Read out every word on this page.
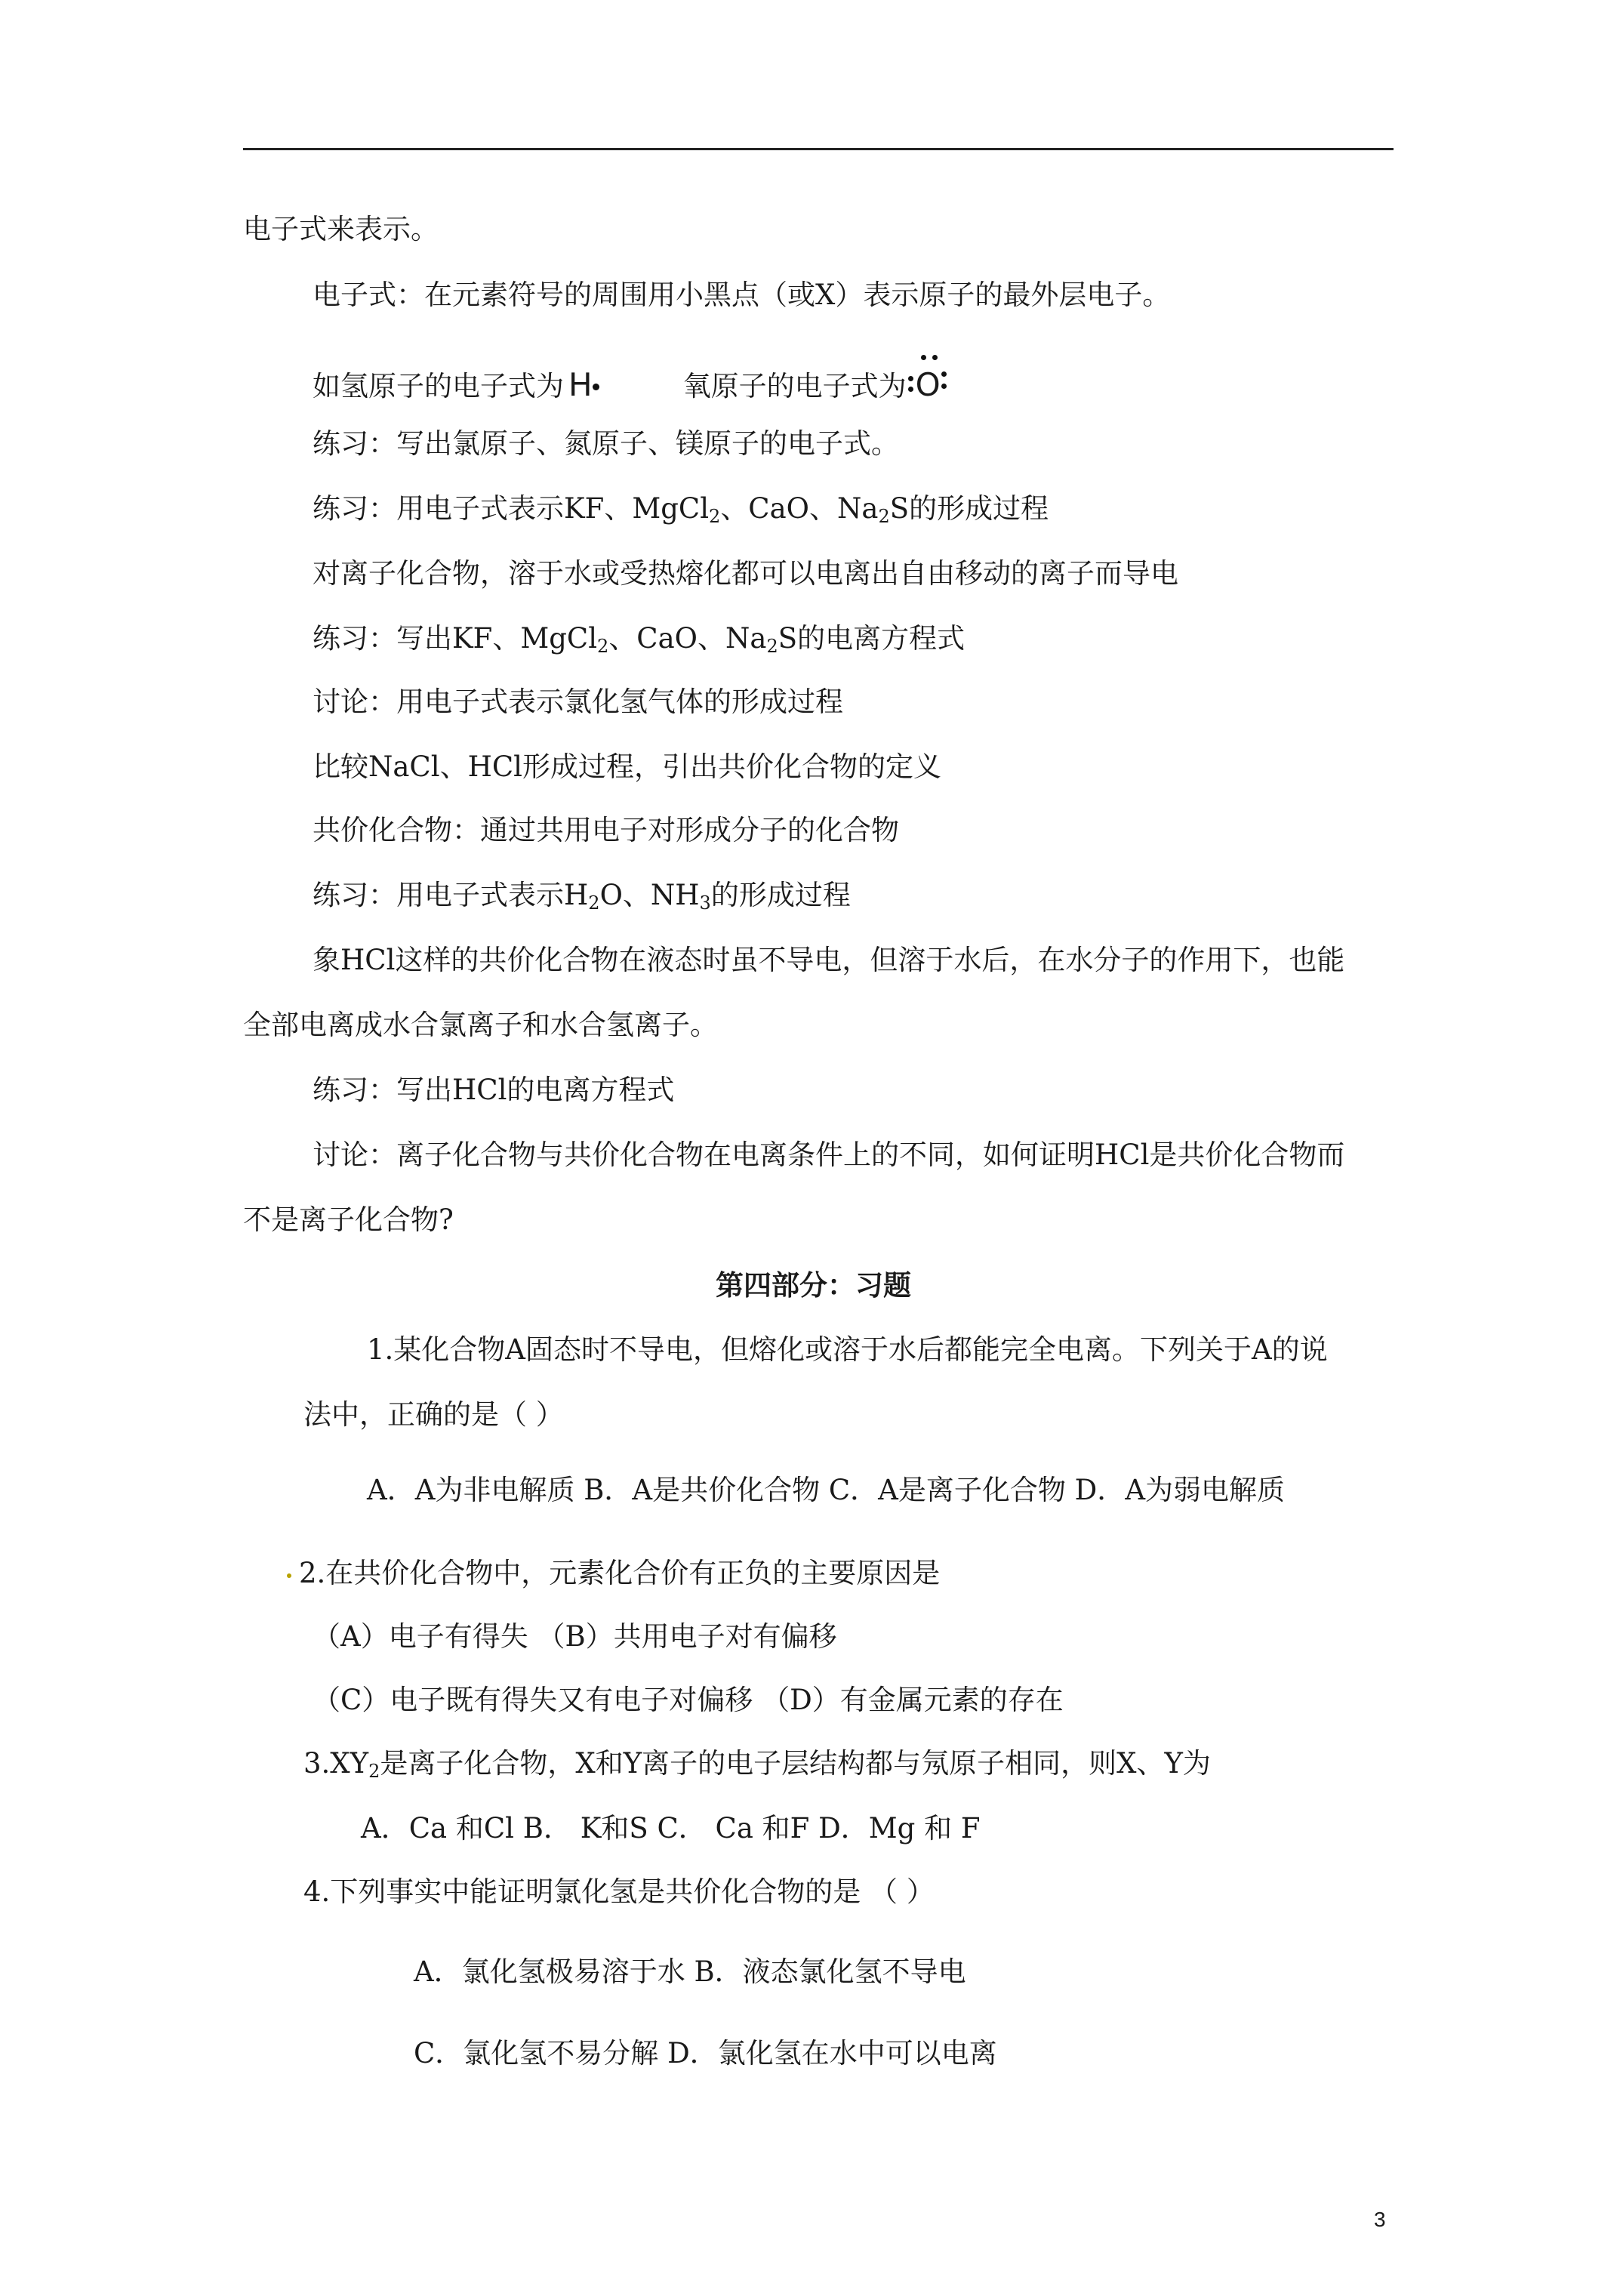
电子式来表示。
电子式：在元素符号的周围用小黑点（或X）表示原子的最外层电子。
如氢原子的电子式为 H	氧原子的电子式为 O
练习：写出氯原子、氮原子、镁原子的电子式。
练习：用电子式表示KF、MgCl$_2$、CaO、$Na_2S$的形成过程
对离子化合物，溶于水或受热熔化都可以电离出自由移动的离子而导电
练习：写出KF、MgCl$_2$、CaO、$Na_2S$的电离方程式
讨论：用电子式表示氯化氢气体的形成过程
比较NaCl、HCl形成过程，引出共价化合物的定义
共价化合物：通过共用电子对形成分子的化合物
练习：用电子式表示$H_2O$、$NH_3$的形成过程
象HCl这样的共价化合物在液态时虽不导电，但溶于水后，在水分子的作用下，也能
全部电离成水合氯离子和水合氢离子。
练习：写出HCl的电离方程式
讨论：离子化合物与共价化合物在电离条件上的不同，如何证明HCl是共价化合物而
不是离子化合物?
第四部分：习题
1.某化合物A固态时不导电，但熔化或溶于水后都能完全电离。下列关于A的说
法中，正确的是（ ）
A．A为非电解质 B．A是共价化合物 C．A是离子化合物 D．A为弱电解质
2.在共价化合物中，元素化合价有正负的主要原因是
（A）电子有得失 （B）共用电子对有偏移
（C）电子既有得失又有电子对偏移 （D）有金属元素的存在
$3.XY_2$是离子化合物，X和Y离子的电子层结构都与氖原子相同，则X、Y为
A．Ca 和Cl B． K和S C． Ca 和F D．Mg 和 F
4.下列事实中能证明氯化氢是共价化合物的是 （ ）
A．氯化氢极易溶于水 B．液态氯化氢不导电
C．氯化氢不易分解 D．氯化氢在水中可以电离
3
